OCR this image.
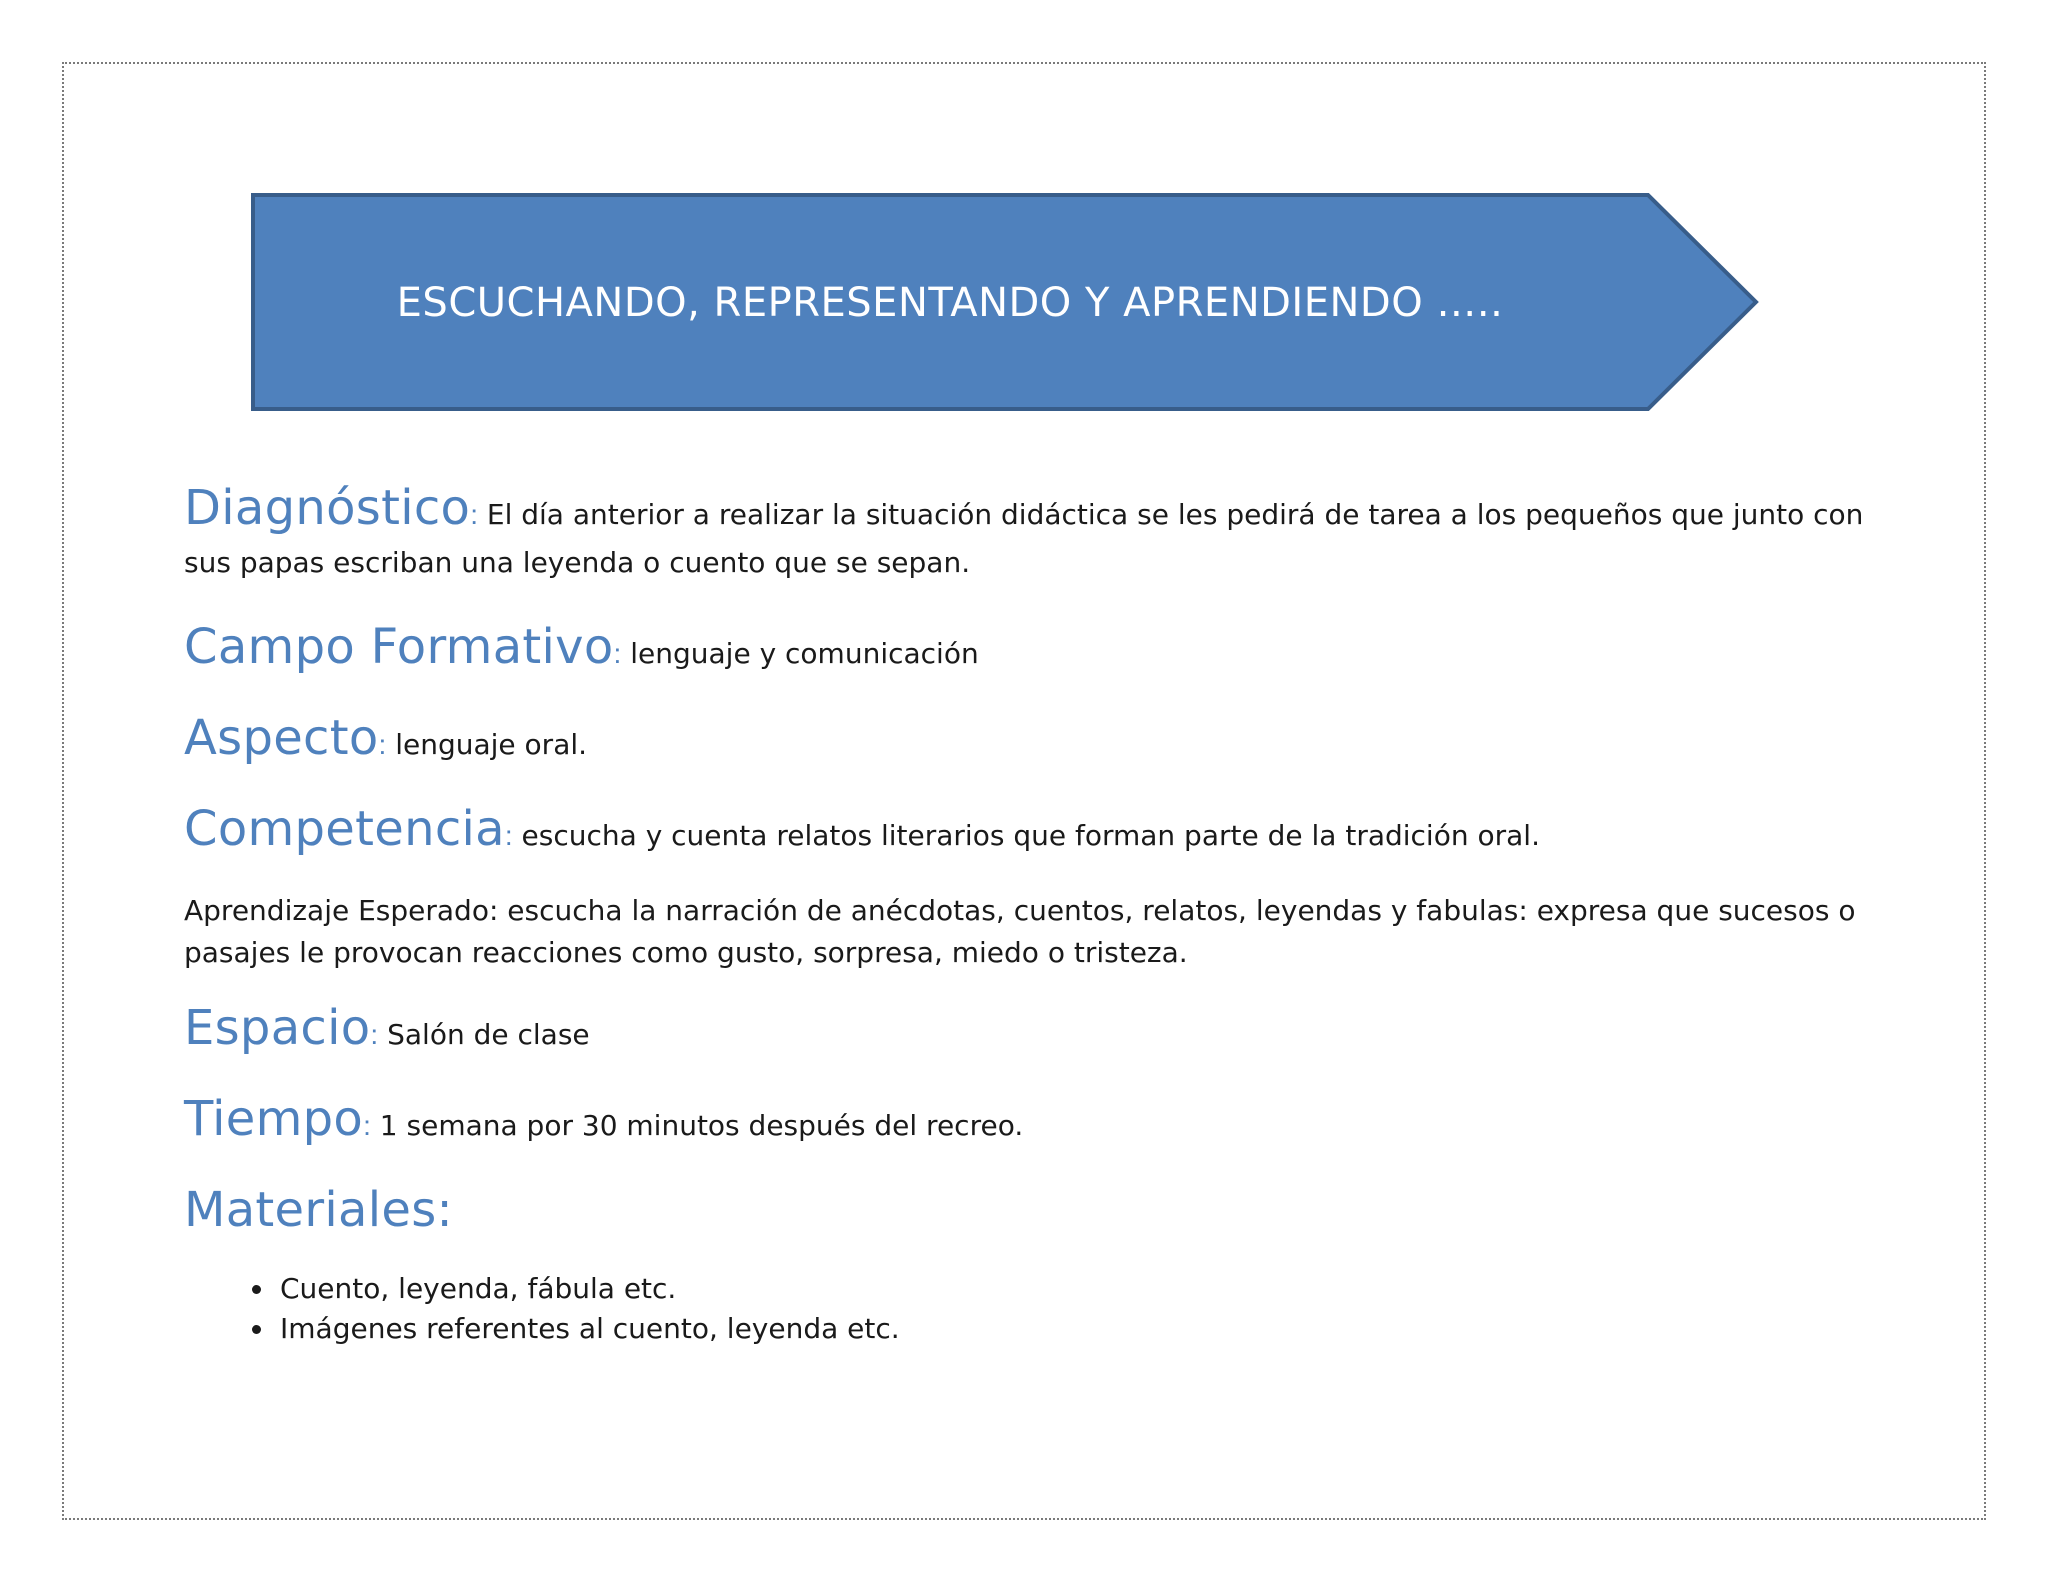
ESCUCHANDO, REPRESENTANDO Y APRENDIENDO …..

Diagnóstico: El día anterior a realizar la situación didáctica se les pedirá de tarea a los pequeños que junto con
sus papas escriban una leyenda o cuento que se sepan.

Campo Formativo: lenguaje y comunicación

Aspecto: lenguaje oral.

Competencia: escucha y cuenta relatos literarios que forman parte de la tradición oral.

Aprendizaje Esperado: escucha la narración de anécdotas, cuentos, relatos, leyendas y fabulas: expresa que sucesos o pasajes le provocan reacciones como gusto, sorpresa, miedo o tristeza.

Espacio: Salón de clase

Tiempo: 1 semana por 30 minutos después del recreo.

Materiales:

• Cuento, leyenda, fábula etc.
• Imágenes referentes al cuento, leyenda etc.
